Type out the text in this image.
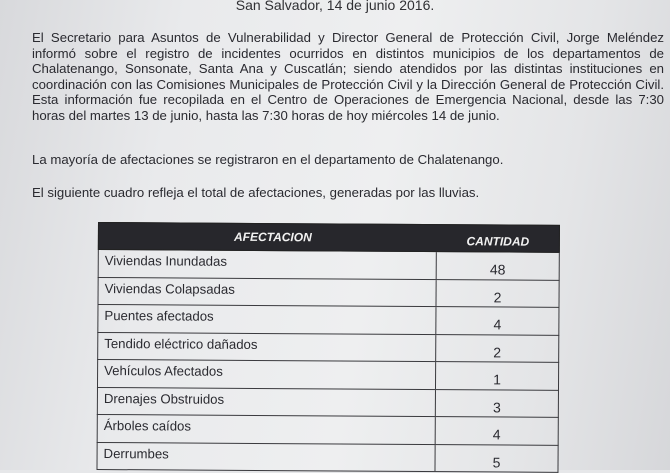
San Salvador, 14 de junio 2016.

El Secretario para Asuntos de Vulnerabilidad y Director General de Protección Civil, Jorge Meléndez informó sobre el registro de incidentes ocurridos en distintos municipios de los departamentos de Chalatenango, Sonsonate, Santa Ana y Cuscatlán; siendo atendidos por las distintas instituciones en coordinación con las Comisiones Municipales de Protección Civil y la Dirección General de Protección Civil. Esta información fue recopilada en el Centro de Operaciones de Emergencia Nacional, desde las 7:30 horas del martes 13 de junio, hasta las 7:30 horas de hoy miércoles 14 de junio.

La mayoría de afectaciones se registraron en el departamento de Chalatenango.

El siguiente cuadro refleja el total de afectaciones, generadas por las lluvias.

AFECTACION	CANTIDAD
Viviendas Inundadas
48
Viviendas Colapsadas
2
Puentes afectados
4
Tendido eléctrico dañados
2
Vehículos Afectados
1
Drenajes Obstruidos
3
Árboles caídos
4
Derrumbes
5
